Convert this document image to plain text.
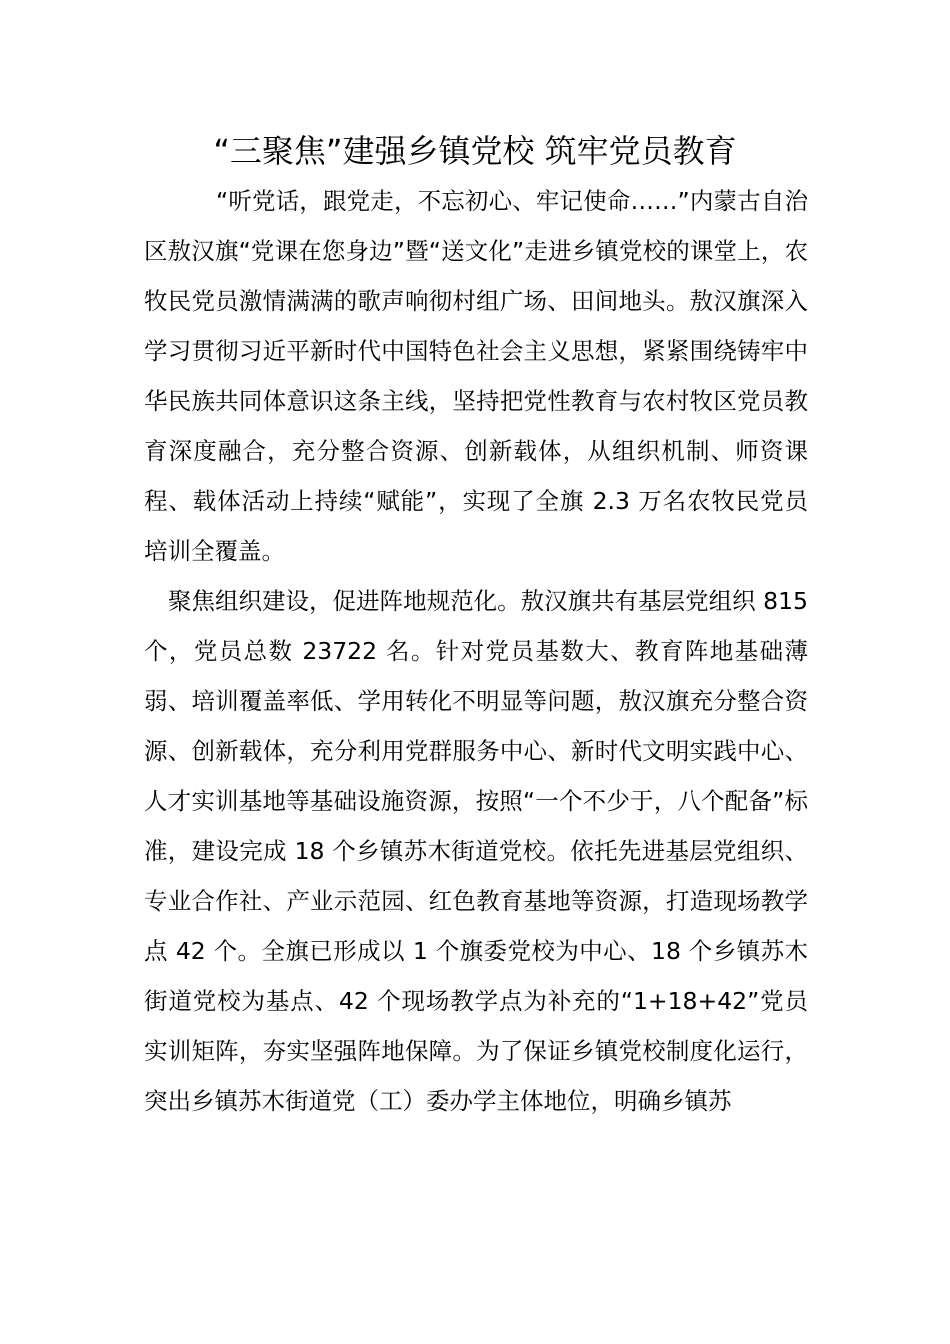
“三聚焦”建强乡镇党校 筑牢党员教育

“听党话，跟党走，不忘初心、牢记使命……”内蒙古自治区敖汉旗“党课在您身边”暨“送文化”走进乡镇党校的课堂上，农牧民党员激情满满的歌声响彻村组广场、田间地头。敖汉旗深入学习贯彻习近平新时代中国特色社会主义思想，紧紧围绕铸牢中华民族共同体意识这条主线，坚持把党性教育与农村牧区党员教育深度融合，充分整合资源、创新载体，从组织机制、师资课程、载体活动上持续“赋能”，实现了全旗 2.3 万名农牧民党员培训全覆盖。

聚焦组织建设，促进阵地规范化。敖汉旗共有基层党组织 815 个，党员总数 23722 名。针对党员基数大、教育阵地基础薄弱、培训覆盖率低、学用转化不明显等问题，敖汉旗充分整合资源、创新载体，充分利用党群服务中心、新时代文明实践中心、人才实训基地等基础设施资源，按照“一个不少于，八个配备”标准，建设完成 18 个乡镇苏木街道党校。依托先进基层党组织、专业合作社、产业示范园、红色教育基地等资源，打造现场教学点 42 个。全旗已形成以 1 个旗委党校为中心、18 个乡镇苏木街道党校为基点、42 个现场教学点为补充的“1+18+42”党员实训矩阵，夯实坚强阵地保障。为了保证乡镇党校制度化运行，突出乡镇苏木街道党（工）委办学主体地位，明确乡镇苏
